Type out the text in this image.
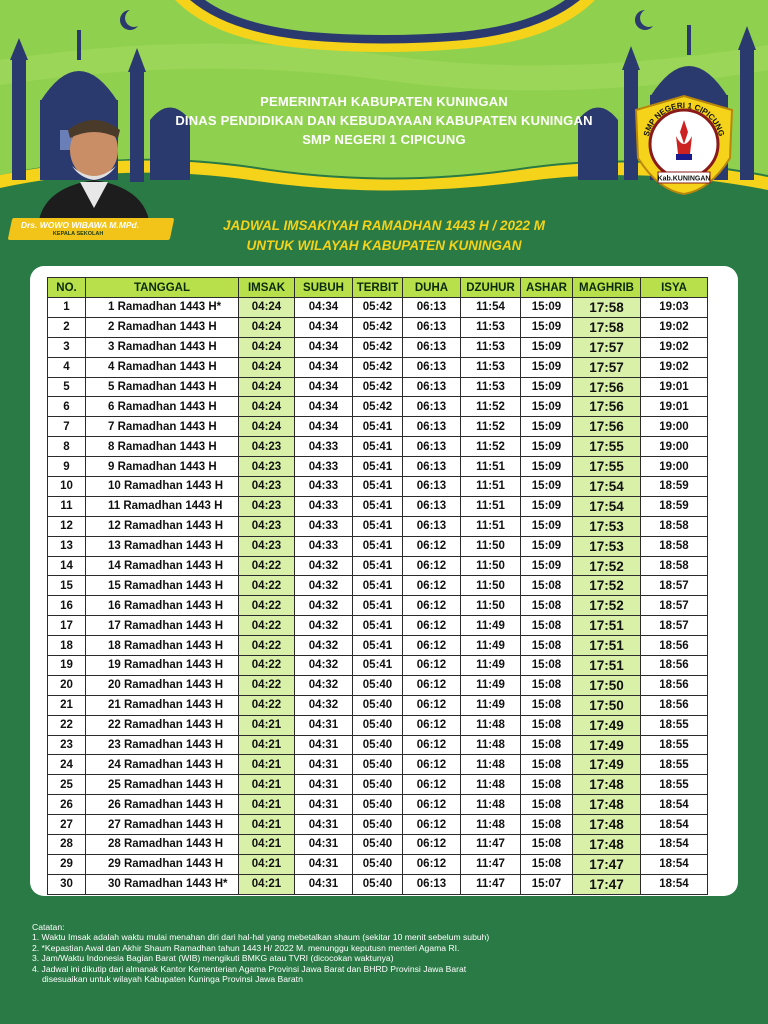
PEMERINTAH KABUPATEN KUNINGAN
DINAS PENDIDIKAN DAN KEBUDAYAAN KABUPATEN KUNINGAN
SMP NEGERI 1 CIPICUNG
Drs. WOWO WIBAWA M.MPd.
KEPALA SEKOLAH
SMP NEGERI 1 CIPICUNG
Kab.KUNINGAN
JADWAL IMSAKIYAH RAMADHAN 1443 H / 2022 M
UNTUK WILAYAH KABUPATEN KUNINGAN
NO.	TANGGAL	IMSAK	SUBUH	TERBIT	DUHA	DZUHUR	ASHAR	MAGHRIB	ISYA
1	1 Ramadhan 1443 H*	04:24	04:34	05:42	06:13	11:54	15:09	17:58	19:03
2	2 Ramadhan 1443 H	04:24	04:34	05:42	06:13	11:53	15:09	17:58	19:02
3	3 Ramadhan 1443 H	04:24	04:34	05:42	06:13	11:53	15:09	17:57	19:02
4	4 Ramadhan 1443 H	04:24	04:34	05:42	06:13	11:53	15:09	17:57	19:02
5	5 Ramadhan 1443 H	04:24	04:34	05:42	06:13	11:53	15:09	17:56	19:01
6	6 Ramadhan 1443 H	04:24	04:34	05:42	06:13	11:52	15:09	17:56	19:01
7	7 Ramadhan 1443 H	04:24	04:34	05:41	06:13	11:52	15:09	17:56	19:00
8	8 Ramadhan 1443 H	04:23	04:33	05:41	06:13	11:52	15:09	17:55	19:00
9	9 Ramadhan 1443 H	04:23	04:33	05:41	06:13	11:51	15:09	17:55	19:00
10	10 Ramadhan 1443 H	04:23	04:33	05:41	06:13	11:51	15:09	17:54	18:59
11	11 Ramadhan 1443 H	04:23	04:33	05:41	06:13	11:51	15:09	17:54	18:59
12	12 Ramadhan 1443 H	04:23	04:33	05:41	06:13	11:51	15:09	17:53	18:58
13	13 Ramadhan 1443 H	04:23	04:33	05:41	06:12	11:50	15:09	17:53	18:58
14	14 Ramadhan 1443 H	04:22	04:32	05:41	06:12	11:50	15:09	17:52	18:58
15	15 Ramadhan 1443 H	04:22	04:32	05:41	06:12	11:50	15:08	17:52	18:57
16	16 Ramadhan 1443 H	04:22	04:32	05:41	06:12	11:50	15:08	17:52	18:57
17	17 Ramadhan 1443 H	04:22	04:32	05:41	06:12	11:49	15:08	17:51	18:57
18	18 Ramadhan 1443 H	04:22	04:32	05:41	06:12	11:49	15:08	17:51	18:56
19	19 Ramadhan 1443 H	04:22	04:32	05:41	06:12	11:49	15:08	17:51	18:56
20	20 Ramadhan 1443 H	04:22	04:32	05:40	06:12	11:49	15:08	17:50	18:56
21	21 Ramadhan 1443 H	04:22	04:32	05:40	06:12	11:49	15:08	17:50	18:56
22	22 Ramadhan 1443 H	04:21	04:31	05:40	06:12	11:48	15:08	17:49	18:55
23	23 Ramadhan 1443 H	04:21	04:31	05:40	06:12	11:48	15:08	17:49	18:55
24	24 Ramadhan 1443 H	04:21	04:31	05:40	06:12	11:48	15:08	17:49	18:55
25	25 Ramadhan 1443 H	04:21	04:31	05:40	06:12	11:48	15:08	17:48	18:55
26	26 Ramadhan 1443 H	04:21	04:31	05:40	06:12	11:48	15:08	17:48	18:54
27	27 Ramadhan 1443 H	04:21	04:31	05:40	06:12	11:48	15:08	17:48	18:54
28	28 Ramadhan 1443 H	04:21	04:31	05:40	06:12	11:47	15:08	17:48	18:54
29	29 Ramadhan 1443 H	04:21	04:31	05:40	06:12	11:47	15:08	17:47	18:54
30	30 Ramadhan 1443 H*	04:21	04:31	05:40	06:13	11:47	15:07	17:47	18:54
Catatan:
1. Waktu Imsak adalah waktu mulai menahan diri dari hal-hal yang mebetalkan shaum (sekitar 10 menit sebelum subuh)
2. *Kepastian Awal dan Akhir Shaum Ramadhan tahun 1443 H/ 2022 M. menunggu keputusn menteri Agama RI.
3. Jam/Waktu Indonesia Bagian Barat (WIB) mengikuti BMKG atau TVRI (dicocokan waktunya)
4. Jadwal ini dikutip dari almanak Kantor Kementerian Agama Provinsi Jawa Barat dan BHRD Provinsi Jawa Barat
disesuaikan untuk wilayah Kabupaten Kuninga Provinsi Jawa Baratn
